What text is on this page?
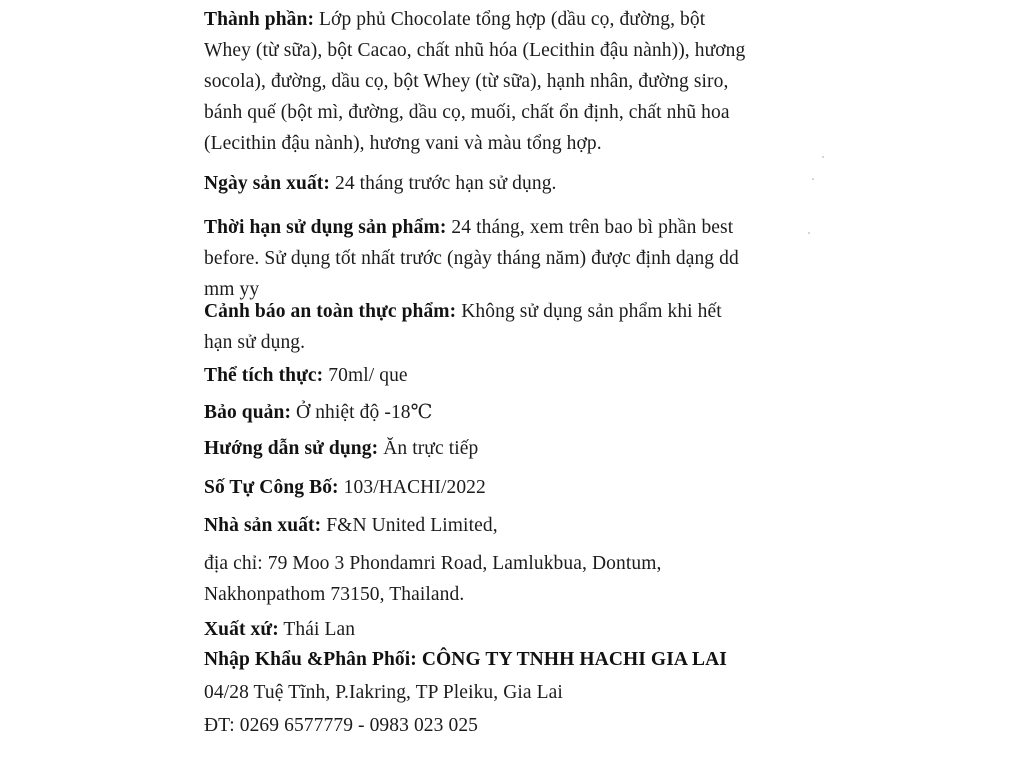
Thành phần: Lớp phủ Chocolate tổng hợp (dầu cọ, đường, bột
Whey (từ sữa), bột Cacao, chất nhũ hóa (Lecithin đậu nành)), hương
socola), đường, dầu cọ, bột Whey (từ sữa), hạnh nhân, đường siro,
bánh quế (bột mì, đường, dầu cọ, muối, chất ổn định, chất nhũ hoa
(Lecithin đậu nành), hương vani và màu tổng hợp.

Ngày sản xuất: 24 tháng trước hạn sử dụng.

Thời hạn sử dụng sản phẩm: 24 tháng, xem trên bao bì phần best
before. Sử dụng tốt nhất trước (ngày tháng năm) được định dạng dd
mm yy

Cảnh báo an toàn thực phẩm: Không sử dụng sản phẩm khi hết
hạn sử dụng.

Thể tích thực: 70ml/ que

Bảo quản: Ở nhiệt độ -18℃

Hướng dẫn sử dụng: Ăn trực tiếp

Số Tự Công Bố: 103/HACHI/2022

Nhà sản xuất: F&N United Limited,

địa chỉ: 79 Moo 3 Phondamri Road, Lamlukbua, Dontum,
Nakhonpathom 73150, Thailand.

Xuất xứ: Thái Lan

Nhập Khẩu &Phân Phối: CÔNG TY TNHH HACHI GIA LAI

04/28 Tuệ Tĩnh, P.Iakring, TP Pleiku, Gia Lai

ĐT: 0269 6577779 - 0983 023 025
